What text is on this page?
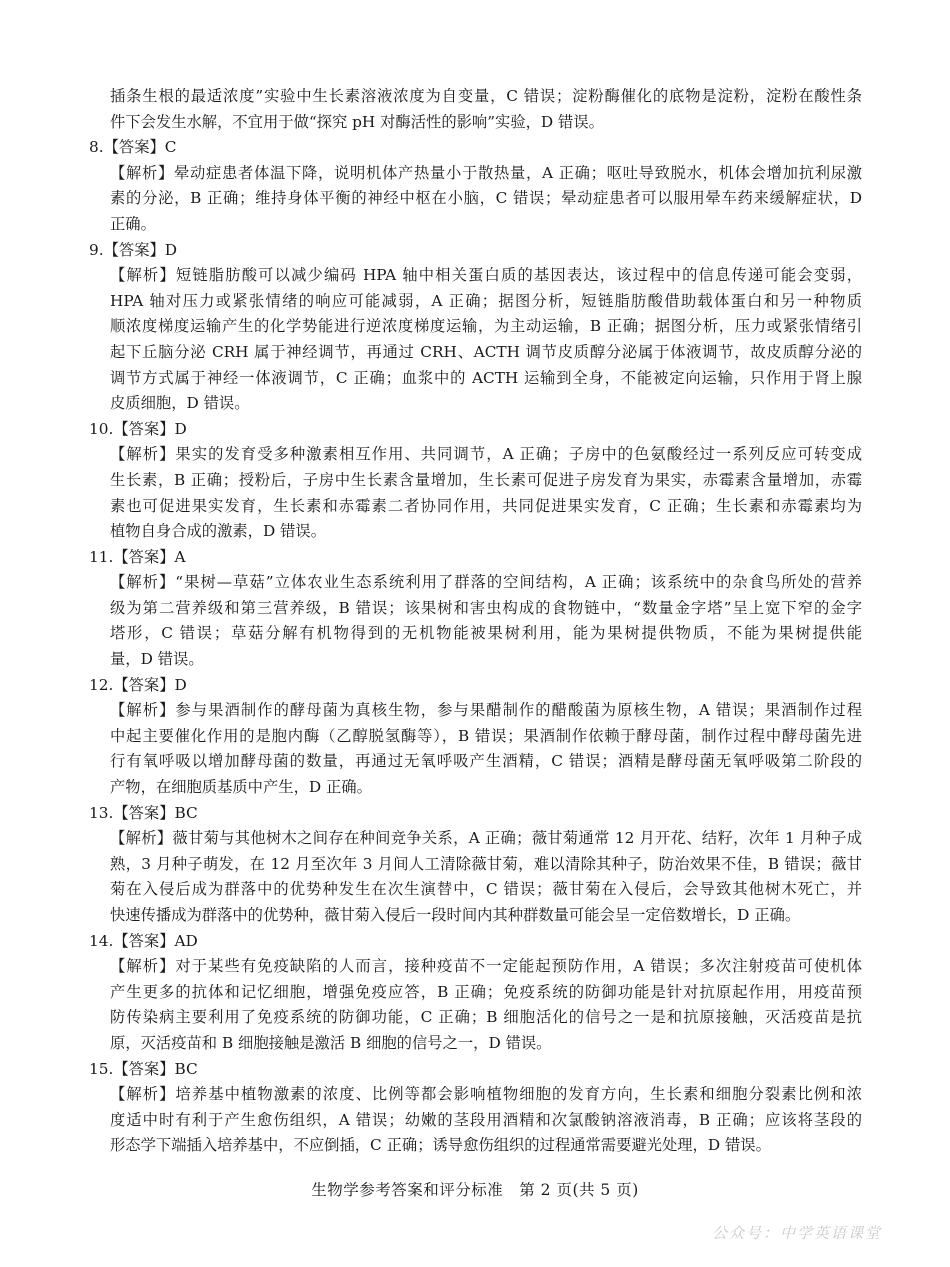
插条生根的最适浓度”实验中生长素溶液浓度为自变量，C 错误；淀粉酶催化的底物是淀粉，淀粉在酸性条
件下会发生水解，不宜用于做“探究 pH 对酶活性的影响”实验，D 错误。
8.【答案】C
【解析】晕动症患者体温下降，说明机体产热量小于散热量，A 正确；呕吐导致脱水，机体会增加抗利尿激
素的分泌，B 正确；维持身体平衡的神经中枢在小脑，C 错误；晕动症患者可以服用晕车药来缓解症状，D
正确。
9.【答案】D
【解析】短链脂肪酸可以减少编码 HPA 轴中相关蛋白质的基因表达，该过程中的信息传递可能会变弱，
HPA 轴对压力或紧张情绪的响应可能减弱，A 正确；据图分析，短链脂肪酸借助载体蛋白和另一种物质
顺浓度梯度运输产生的化学势能进行逆浓度梯度运输，为主动运输，B 正确；据图分析，压力或紧张情绪引
起下丘脑分泌 CRH 属于神经调节，再通过 CRH、ACTH 调节皮质醇分泌属于体液调节，故皮质醇分泌的
调节方式属于神经一体液调节，C 正确；血浆中的 ACTH 运输到全身，不能被定向运输，只作用于肾上腺
皮质细胞，D 错误。
10.【答案】D
【解析】果实的发育受多种激素相互作用、共同调节，A 正确；子房中的色氨酸经过一系列反应可转变成
生长素，B 正确；授粉后，子房中生长素含量增加，生长素可促进子房发育为果实，赤霉素含量增加，赤霉
素也可促进果实发育，生长素和赤霉素二者协同作用，共同促进果实发育，C 正确；生长素和赤霉素均为
植物自身合成的激素，D 错误。
11.【答案】A
【解析】“果树—草菇”立体农业生态系统利用了群落的空间结构，A 正确；该系统中的杂食鸟所处的营养
级为第二营养级和第三营养级，B 错误；该果树和害虫构成的食物链中，“数量金字塔”呈上宽下窄的金字
塔形，C 错误；草菇分解有机物得到的无机物能被果树利用，能为果树提供物质，不能为果树提供能
量，D 错误。
12.【答案】D
【解析】参与果酒制作的酵母菌为真核生物，参与果醋制作的醋酸菌为原核生物，A 错误；果酒制作过程
中起主要催化作用的是胞内酶（乙醇脱氢酶等），B 错误；果酒制作依赖于酵母菌，制作过程中酵母菌先进
行有氧呼吸以增加酵母菌的数量，再通过无氧呼吸产生酒精，C 错误；酒精是酵母菌无氧呼吸第二阶段的
产物，在细胞质基质中产生，D 正确。
13.【答案】BC
【解析】薇甘菊与其他树木之间存在种间竞争关系，A 正确；薇甘菊通常 12 月开花、结籽，次年 1 月种子成
熟，3 月种子萌发，在 12 月至次年 3 月间人工清除薇甘菊，难以清除其种子，防治效果不佳，B 错误；薇甘
菊在入侵后成为群落中的优势种发生在次生演替中，C 错误；薇甘菊在入侵后，会导致其他树木死亡，并
快速传播成为群落中的优势种，薇甘菊入侵后一段时间内其种群数量可能会呈一定倍数增长，D 正确。
14.【答案】AD
【解析】对于某些有免疫缺陷的人而言，接种疫苗不一定能起预防作用，A 错误；多次注射疫苗可使机体
产生更多的抗体和记忆细胞，增强免疫应答，B 正确；免疫系统的防御功能是针对抗原起作用，用疫苗预
防传染病主要利用了免疫系统的防御功能，C 正确；B 细胞活化的信号之一是和抗原接触，灭活疫苗是抗
原，灭活疫苗和 B 细胞接触是激活 B 细胞的信号之一，D 错误。
15.【答案】BC
【解析】培养基中植物激素的浓度、比例等都会影响植物细胞的发育方向，生长素和细胞分裂素比例和浓
度适中时有利于产生愈伤组织，A 错误；幼嫩的茎段用酒精和次氯酸钠溶液消毒，B 正确；应该将茎段的
形态学下端插入培养基中，不应倒插，C 正确；诱导愈伤组织的过程通常需要避光处理，D 错误。
生物学参考答案和评分标准　第 2 页(共 5 页)
公众号：中学英语课堂
